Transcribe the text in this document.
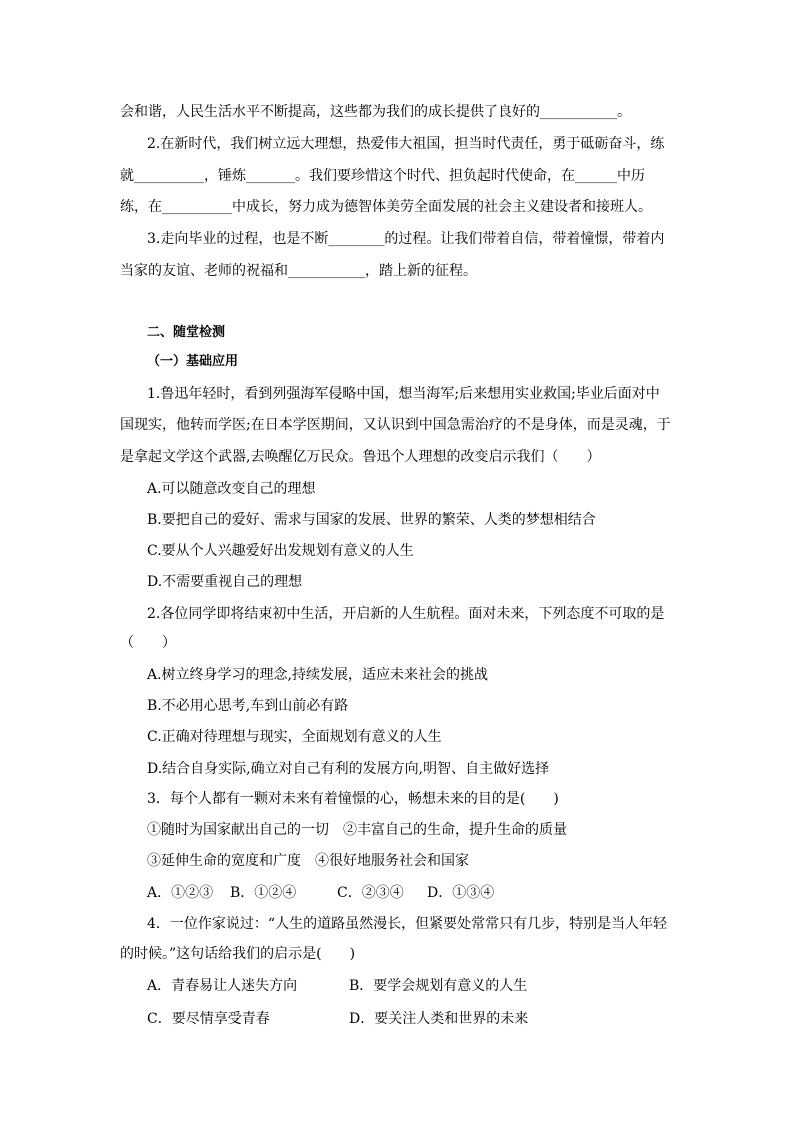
会和谐，人民生活水平不断提高，这些都为我们的成长提供了良好的___________。
2.在新时代，我们树立远大理想，热爱伟大祖国，担当时代责任，勇于砥砺奋斗，练
就__________，锤炼_______。我们要珍惜这个时代、担负起时代使命，在______中历
练，在__________中成长，努力成为德智体美劳全面发展的社会主义建设者和接班人。
3.走向毕业的过程，也是不断________的过程。让我们带着自信，带着憧憬，带着内
当家的友谊、老师的祝福和___________，踏上新的征程。
二、随堂检测
（一）基础应用
1.鲁迅年轻时，看到列强海军侵略中国，想当海军;后来想用实业救国;毕业后面对中
国现实，他转而学医;在日本学医期间，又认识到中国急需治疗的不是身体，而是灵魂，于
是拿起文学这个武器,去唤醒亿万民众。鲁迅个人理想的改变启示我们（　　）
A.可以随意改变自己的理想
B.要把自己的爱好、需求与国家的发展、世界的繁荣、人类的梦想相结合
C.要从个人兴趣爱好出发规划有意义的人生
D.不需要重视自己的理想
2.各位同学即将结束初中生活，开启新的人生航程。面对未来，下列态度不可取的是
（　　）
A.树立终身学习的理念,持续发展，适应未来社会的挑战
B.不必用心思考,车到山前必有路
C.正确对待理想与现实，全面规划有意义的人生
D.结合自身实际,确立对自己有利的发展方向,明智、自主做好选择
3．每个人都有一颗对未来有着憧憬的心，畅想未来的目的是(　　)
①随时为国家献出自己的一切　②丰富自己的生命，提升生命的质量
③延伸生命的宽度和广度　④很好地服务社会和国家
A．①②③ B．①②④	C．②③④ D．①③④
4．一位作家说过：“人生的道路虽然漫长，但紧要处常常只有几步，特别是当人年轻
的时候。”这句话给我们的启示是(　　)
A．青春易让人迷失方向	B．要学会规划有意义的人生
C．要尽情享受青春	D．要关注人类和世界的未来
